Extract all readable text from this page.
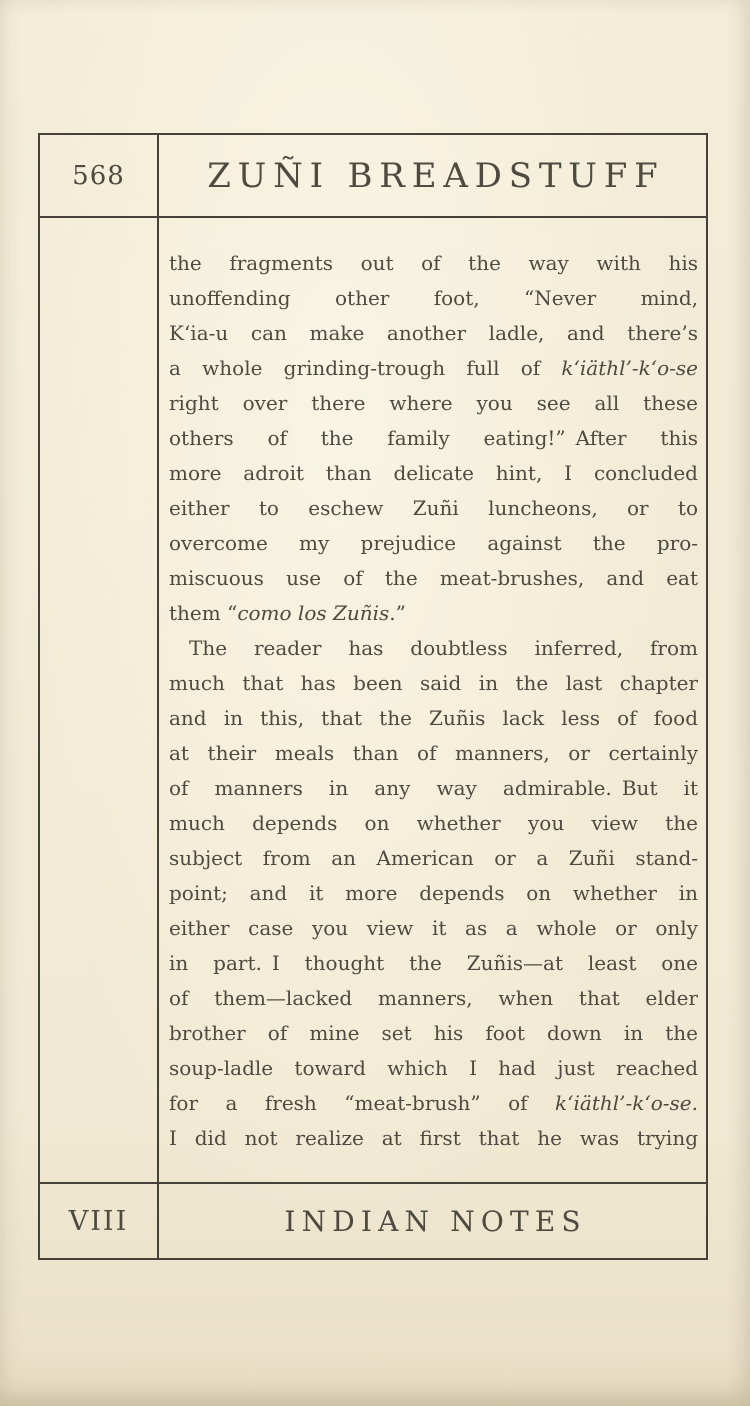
568 ZUÑI BREADSTUFF
the fragments out of the way with his
unoffending other foot, “Never mind,
K‘ia-u can make another ladle, and there’s
a whole grinding-trough full of k‘iäthl’-k‘o-se
right over there where you see all these
others of the family eating!” After this
more adroit than delicate hint, I concluded
either to eschew Zuñi luncheons, or to
overcome my prejudice against the pro-
miscuous use of the meat-brushes, and eat
them “como los Zuñis.”
The reader has doubtless inferred, from
much that has been said in the last chapter
and in this, that the Zuñis lack less of food
at their meals than of manners, or certainly
of manners in any way admirable. But it
much depends on whether you view the
subject from an American or a Zuñi stand-
point; and it more depends on whether in
either case you view it as a whole or only
in part. I thought the Zuñis—at least one
of them—lacked manners, when that elder
brother of mine set his foot down in the
soup-ladle toward which I had just reached
for a fresh “meat-brush” of k‘iäthl’-k‘o-se.
I did not realize at first that he was trying
VIII	INDIAN NOTES
